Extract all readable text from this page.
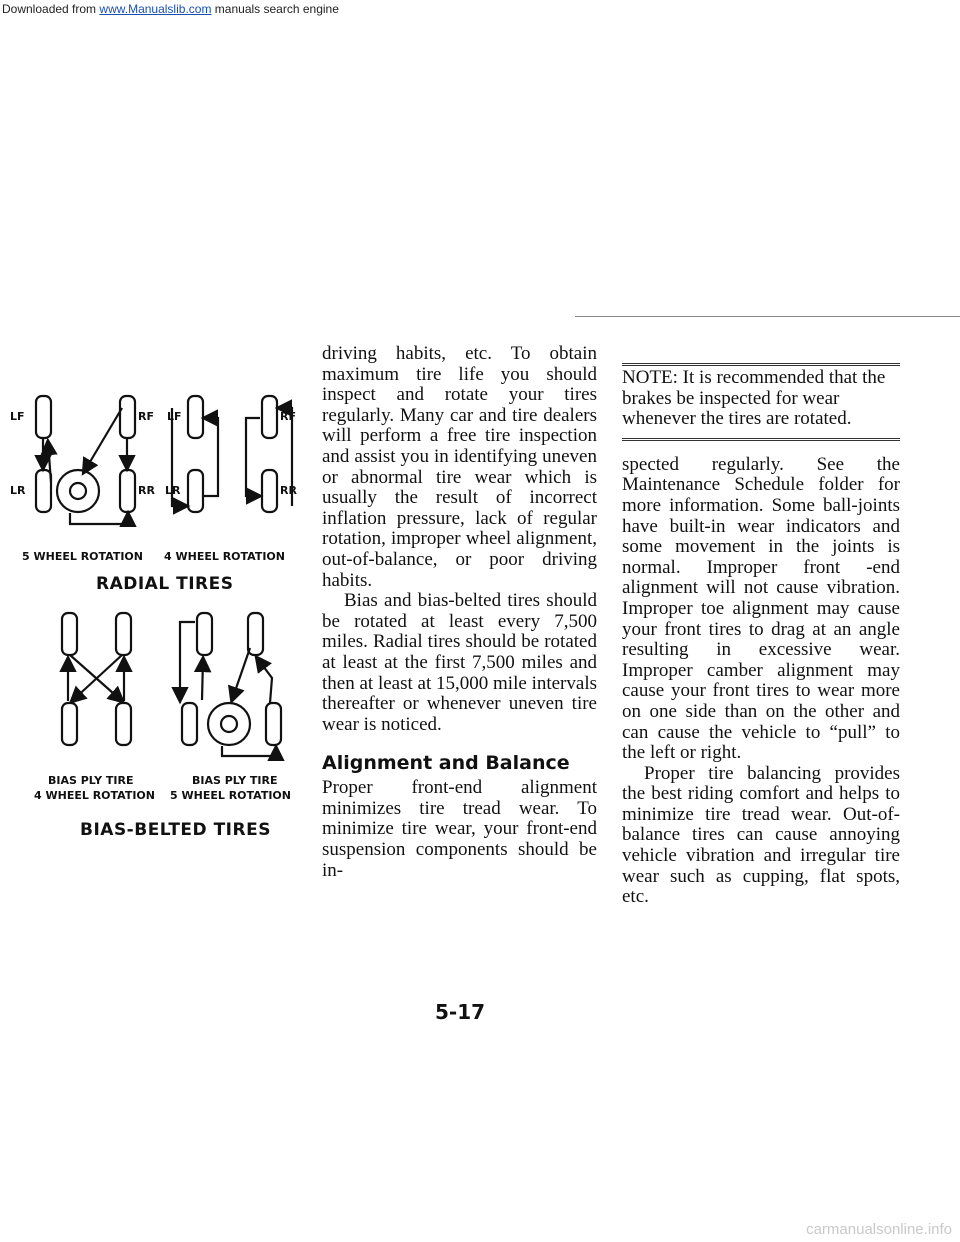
Downloaded from www.Manualslib.com manuals search engine
LF	RF
LR	RR
LF	RF
LR	RR
5 WHEEL ROTATION 4 WHEEL ROTATION
RADIAL TIRES
BIAS PLY TIRE
4 WHEEL ROTATION
BIAS PLY TIRE
5 WHEEL ROTATION
BIAS-BELTED TIRES

driving habits, etc. To obtain maximum tire life you should inspect and rotate your tires regularly. Many car and tire dealers will perform a free tire inspection and assist you in identifying uneven or abnormal tire wear which is usually the result of incorrect inflation pressure, lack of regular rotation, improper wheel alignment, out-of-balance, or poor driving habits.

Bias and bias-belted tires should be rotated at least every 7,500 miles. Radial tires should be rotated at least at the first 7,500 miles and then at least at 15,000 mile intervals thereafter or whenever uneven tire wear is noticed.

Alignment and Balance

Proper front-end alignment minimizes tire tread wear. To minimize tire wear, your front-end suspension components should be in-

NOTE: It is recommended that the brakes be inspected for wear whenever the tires are rotated.

spected regularly. See the Maintenance Schedule folder for more information. Some ball-joints have built-in wear indicators and some movement in the joints is normal. Improper front -end alignment will not cause vibration. Improper toe alignment may cause your front tires to drag at an angle resulting in excessive wear. Improper camber alignment may cause your front tires to wear more on one side than on the other and can cause the vehicle to “pull” to the left or right.

Proper tire balancing provides the best riding comfort and helps to minimize tire tread wear. Out-of-balance tires can cause annoying vehicle vibration and irregular tire wear such as cupping, flat spots, etc.

5-17
carmanualsonline.info
